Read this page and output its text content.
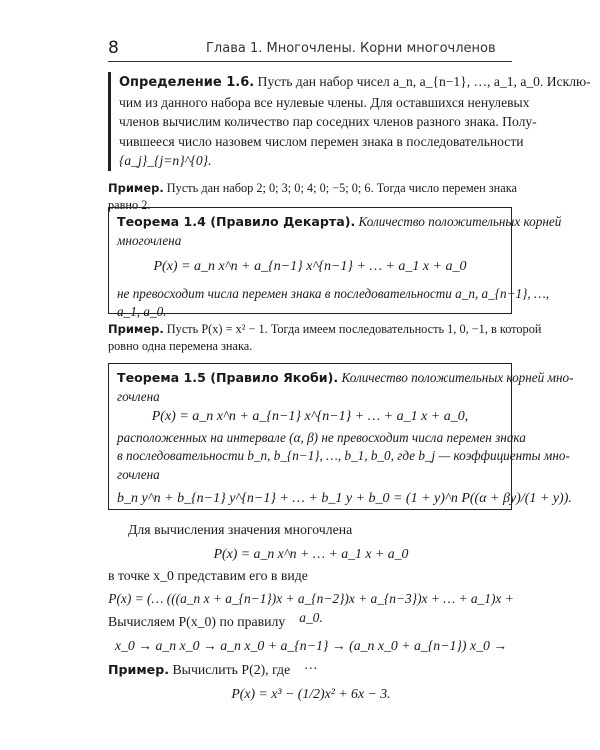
8	Глава 1. Многочлены. Корни многочленов
Определение 1.6. Пусть дан набор чисел a_n, a_{n−1}, …, a_1, a_0. Исклю-
чим из данного набора все нулевые члены. Для оставшихся ненулевых
членов вычислим количество пар соседних членов разного знака. Полу-
чившееся число назовем числом перемен знака в последовательности
{a_j}_{j=n}^{0}.
Пример. Пусть дан набор 2; 0; 3; 0; 4; 0; −5; 0; 6. Тогда число перемен знака равно 2.
Теорема 1.4 (Правило Декарта). Количество положительных корней
многочлена
P(x) = a_n x^n + a_{n−1} x^{n−1} + … + a_1 x + a_0
не превосходит числа перемен знака в последовательности a_n, a_{n−1}, …,
a_1, a_0.
Пример. Пусть P(x) = x² − 1. Тогда имеем последовательность 1, 0, −1, в которой
ровно одна перемена знака.
Теорема 1.5 (Правило Якоби). Количество положительных корней мно-
гочлена
P(x) = a_n x^n + a_{n−1} x^{n−1} + … + a_1 x + a_0,
расположенных на интервале (α, β) не превосходит числа перемен знака
в последовательности b_n, b_{n−1}, …, b_1, b_0, где b_j — коэффициенты мно-
гочлена
b_n y^n + b_{n−1} y^{n−1} + … + b_1 y + b_0 = (1 + y)^n P((α + βy)/(1 + y)).
Для вычисления значения многочлена
P(x) = a_n x^n + … + a_1 x + a_0
в точке x_0 представим его в виде
P(x) = (… (((a_n x + a_{n−1})x + a_{n−2})x + a_{n−3})x + … + a_1)x + a_0.
Вычисляем P(x_0) по правилу
x_0 → a_n x_0 → a_n x_0 + a_{n−1} → (a_n x_0 + a_{n−1}) x_0 → …
Пример. Вычислить P(2), где
P(x) = x³ − (1/2)x² + 6x − 3.
